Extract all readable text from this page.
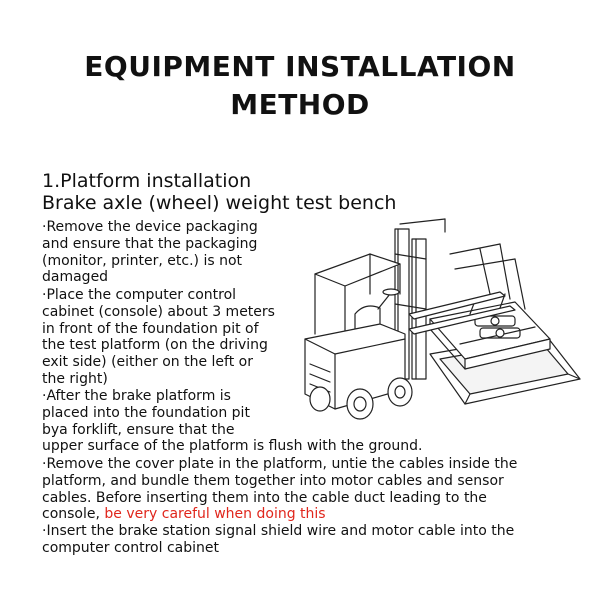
EQUIPMENT INSTALLATION
METHOD
1.Platform installation
Brake axle (wheel) weight test bench
·Remove the device packaging
and ensure that the packaging
(monitor, printer, etc.) is not
damaged
·Place the computer control
cabinet (console) about 3 meters
in front of the foundation pit of
the test platform (on the driving
exit side) (either on the left or
the right)
·After the brake platform is
placed into the foundation pit
bya forklift, ensure that the
upper surface of the platform is flush with the ground.
·Remove the cover plate in the platform, untie the cables inside the
platform, and bundle them together into motor cables and sensor
cables. Before inserting them into the cable duct leading to the
console, be very careful when doing this
·Insert the brake station signal shield wire and motor cable into the
computer control cabinet
